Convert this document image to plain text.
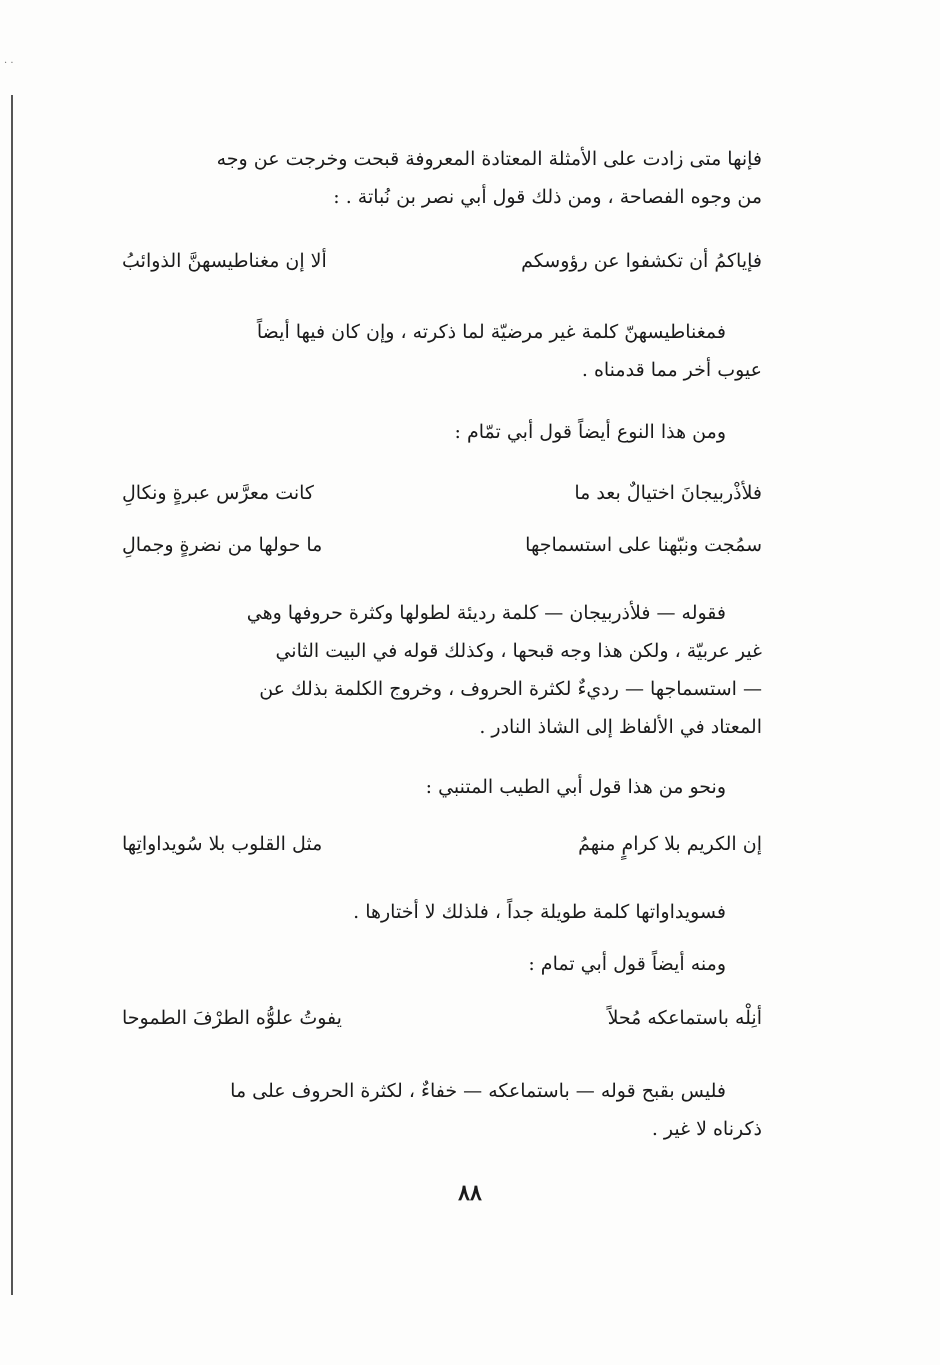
· ·
فإنها متى زادت على الأمثلة المعتادة المعروفة قبحت وخرجت عن وجه
من وجوه الفصاحة ، ومن ذلك قول أبي نصر بن نُباتة . :
فإياكمُ أن تكشفوا عن رؤوسكم
ألا إن مغناطيسهنَّ الذوائبُ
فمغناطيسهنّ كلمة غير مرضيّة لما ذكرته ، وإن كان فيها أيضاً
عيوب أخر مما قدمناه .
ومن هذا النوع أيضاً قول أبي تمّام :
فلأذْربيجانَ اختيالٌ بعد ما
كانت معرَّس عبرةٍ ونكالِ
سمُجت ونبّهنا على استسماجها
ما حولها من نضرةٍ وجمالِ
فقوله — فلأذربيجان — كلمة رديئة لطولها وكثرة حروفها وهي
غير عربيّة ، ولكن هذا وجه قبحها ، وكذلك قوله في البيت الثاني
— استسماجها — رديءٌ لكثرة الحروف ، وخروج الكلمة بذلك عن
المعتاد في الألفاظ إلى الشاذ النادر .
ونحو من هذا قول أبي الطيب المتنبي :
إن الكريم بلا كرامٍ منهمُ
مثل القلوب بلا سُويداواتِها
فسويداواتها كلمة طويلة جداً ، فلذلك لا أختارها .
ومنه أيضاً قول أبي تمام :
أنِلْه باستماعكه مُحلاً
يفوتُ علوُّه الطرْفَ الطموحا
فليس بقبح قوله — باستماعكه — خفاءٌ ، لكثرة الحروف على ما
ذكرناه لا غير .
٨٨
